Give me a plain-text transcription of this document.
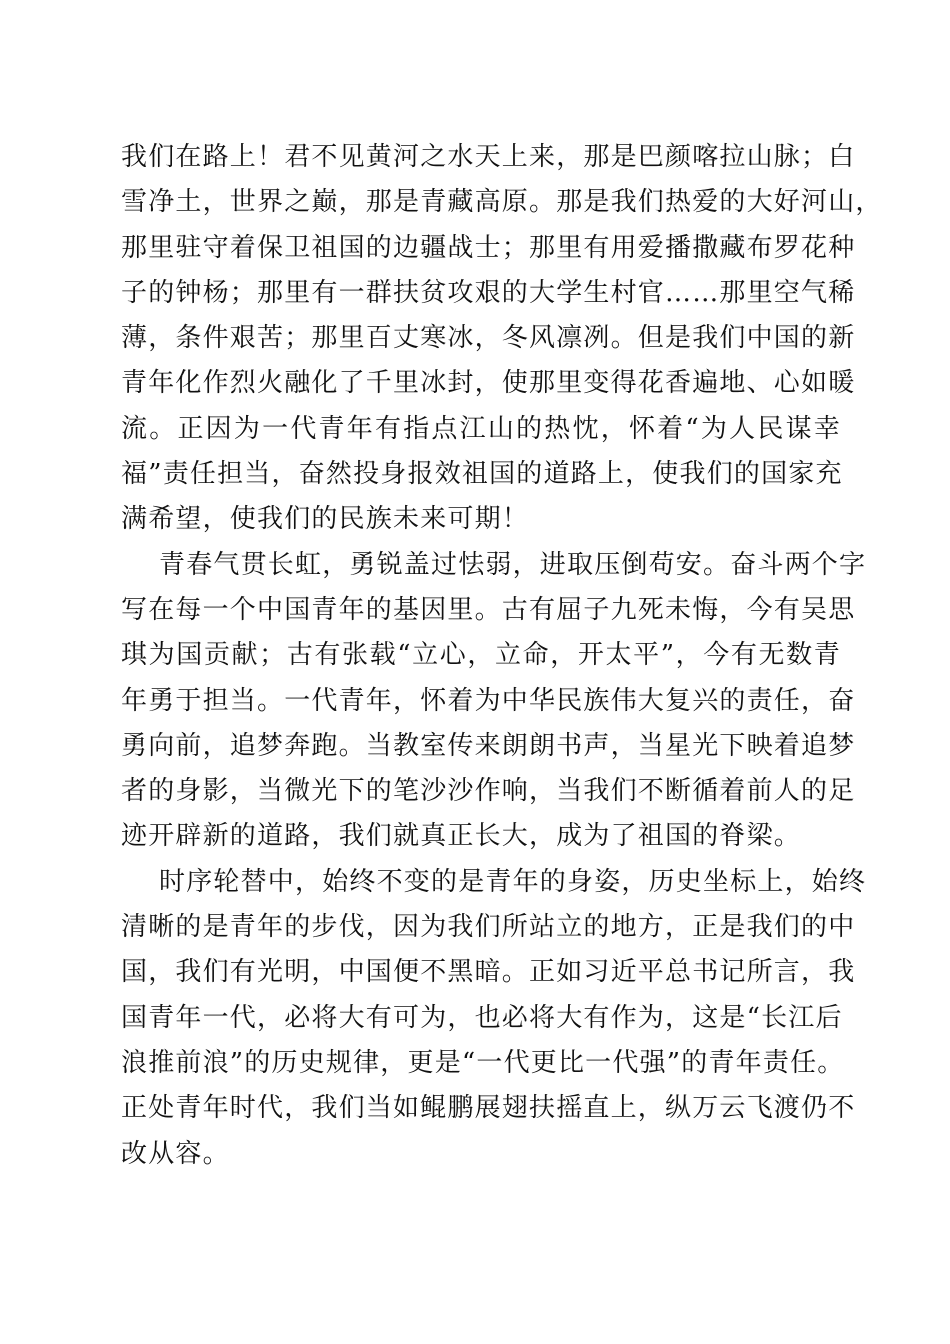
我们在路上！君不见黄河之水天上来，那是巴颜喀拉山脉；白
雪净土，世界之巅，那是青藏高原。那是我们热爱的大好河山，
那里驻守着保卫祖国的边疆战士；那里有用爱播撒藏布罗花种
子的钟杨；那里有一群扶贫攻艰的大学生村官……那里空气稀
薄，条件艰苦；那里百丈寒冰，冬风凛冽。但是我们中国的新
青年化作烈火融化了千里冰封，使那里变得花香遍地、心如暖
流。正因为一代青年有指点江山的热忱，怀着“为人民谋幸
福”责任担当，奋然投身报效祖国的道路上，使我们的国家充
满希望，使我们的民族未来可期！
青春气贯长虹，勇锐盖过怯弱，进取压倒苟安。奋斗两个字
写在每一个中国青年的基因里。古有屈子九死未悔，今有吴思
琪为国贡献；古有张载“立心，立命，开太平”，今有无数青
年勇于担当。一代青年，怀着为中华民族伟大复兴的责任，奋
勇向前，追梦奔跑。当教室传来朗朗书声，当星光下映着追梦
者的身影，当微光下的笔沙沙作响，当我们不断循着前人的足
迹开辟新的道路，我们就真正长大，成为了祖国的脊梁。
时序轮替中，始终不变的是青年的身姿，历史坐标上，始终
清晰的是青年的步伐，因为我们所站立的地方，正是我们的中
国，我们有光明，中国便不黑暗。正如习近平总书记所言，我
国青年一代，必将大有可为，也必将大有作为，这是“长江后
浪推前浪”的历史规律，更是“一代更比一代强”的青年责任。
正处青年时代，我们当如鲲鹏展翅扶摇直上，纵万云飞渡仍不
改从容。
